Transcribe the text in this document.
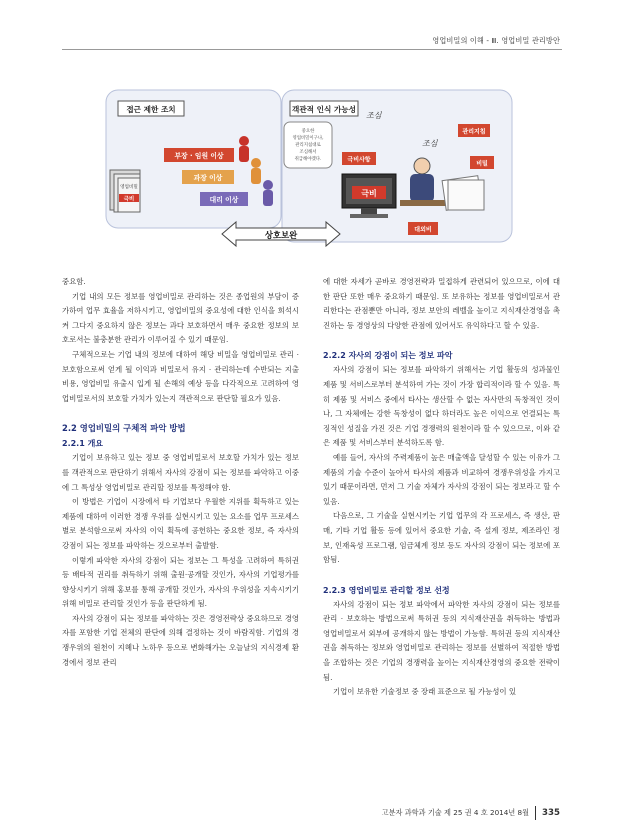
영업비밀의 이해 - Ⅲ. 영업비밀 관리방안
접근 제한 조치
영업비밀
극비
부장 · 임원 이상
과장 이상
대리 이상
객관적 인식 가능성
중요한
영업비밀이구나,
관리지침대로
조심해서
취급해야겠다.
조심
조심
관리지침
극비사항
비밀
극비
대외비
상호보완

중요함.

기업 내의 모든 정보를 영업비밀로 관리하는 것은 종업원의 부담이 증가하여 업무 효율을 저하시키고, 영업비밀의 중요성에 대한 인식을 희석시켜 그다지 중요하지 않은 정보는 과다 보호하면서 매우 중요한 정보의 보호로서는 불충분한 관리가 이루어질 수 있기 때문임.

구체적으로는 기업 내의 정보에 대하여 해당 비밀을 영업비밀로 관리 · 보호함으로써 얻게 될 이익과 비밀로서 유지 · 관리하는데 수반되는 지출비용, 영업비밀 유출시 입게 될 손해의 예상 등을 다각적으로 고려하여 영업비밀로서의 보호할 가치가 있는지 객관적으로 판단할 필요가 있음.

2.2 영업비밀의 구체적 파악 방법
2.2.1 개요

기업이 보유하고 있는 정보 중 영업비밀로서 보호할 가치가 있는 정보를 객관적으로 판단하기 위해서 자사의 강점이 되는 정보를 파악하고 이중에 그 특성상 영업비밀로 관리할 정보를 특정해야 함.

이 방법은 기업이 시장에서 타 기업보다 우월한 지위를 획득하고 있는 제품에 대하여 이러한 경쟁 우위를 실현시키고 있는 요소를 업무 프로세스 별로 분석함으로써 자사의 이익 획득에 공헌하는 중요한 정보, 즉 자사의 강점이 되는 정보를 파악하는 것으로부터 출발함.

이렇게 파악한 자사의 강점이 되는 정보는 그 특성을 고려하여 특허권 등 배타적 권리를 취득하기 위해 출원·공개할 것인가, 자사의 기업평가를 향상시키기 위해 홍보를 통해 공개할 것인가, 자사의 우위성을 지속시키기 위해 비밀로 관리할 것인가 등을 판단하게 됨.

자사의 강점이 되는 정보를 파악하는 것은 경영전략상 중요하므로 경영자를 포함한 기업 전체의 판단에 의해 결정하는 것이 바람직함. 기업의 경쟁우위의 원천이 지혜나 노하우 등으로 변화해가는 오늘날의 지식경제 환경에서 정보 관리

에 대한 자세가 곧바로 경영전략과 밀접하게 관련되어 있으므로, 이에 대한 판단 또한 매우 중요하기 때문임. 또 보유하는 정보를 영업비밀로서 관리한다는 관점뿐만 아니라, 정보 보안의 레벨을 높이고 지식재산경영을 촉진하는 등 경영상의 다양한 관점에 있어서도 유익하다고 할 수 있음.

2.2.2 자사의 강점이 되는 정보 파악

자사의 강점이 되는 정보를 파악하기 위해서는 기업 활동의 성과물인 제품 및 서비스로부터 분석하여 가는 것이 가장 합리적이라 할 수 있음. 특히 제품 및 서비스 중에서 타사는 생산할 수 없는 자사만의 독창적인 것이나, 그 자체에는 강한 독창성이 없다 하더라도 높은 이익으로 연결되는 특징적인 성질을 가진 것은 기업 경쟁력의 원천이라 할 수 있으므로, 이와 같은 제품 및 서비스부터 분석하도록 함.

예를 들어, 자사의 주력제품이 높은 매출액을 달성할 수 있는 이유가 그 제품의 기술 수준이 높아서 타사의 제품과 비교하여 경쟁우위성을 가지고 있기 때문이라면, 먼저 그 기술 자체가 자사의 강점이 되는 정보라고 할 수 있음.

다음으로, 그 기술을 실현시키는 기업 업무의 각 프로세스, 즉 생산, 판매, 기타 기업 활동 등에 있어서 중요한 기술, 즉 설계 정보, 제조라인 정보, 인재육성 프로그램, 임금체계 정보 등도 자사의 강점이 되는 정보에 포함됨.

2.2.3 영업비밀로 관리할 정보 선정

자사의 강점이 되는 정보 파악에서 파악한 자사의 강점이 되는 정보를 관리 · 보호하는 방법으로써 특허권 등의 지식재산권을 취득하는 방법과 영업비밀로서 외부에 공개하지 않는 방법이 가능함. 특허권 등의 지식재산권을 취득하는 정보와 영업비밀로 관리하는 정보를 선별하여 적절한 방법을 조합하는 것은 기업의 경쟁력을 높이는 지식재산경영의 중요한 전략이 됨.

기업이 보유한 기술정보 중 장래 표준으로 될 가능성이 있

고분자 과학과 기술 제 25 권 4 호 2014년 8월 335
